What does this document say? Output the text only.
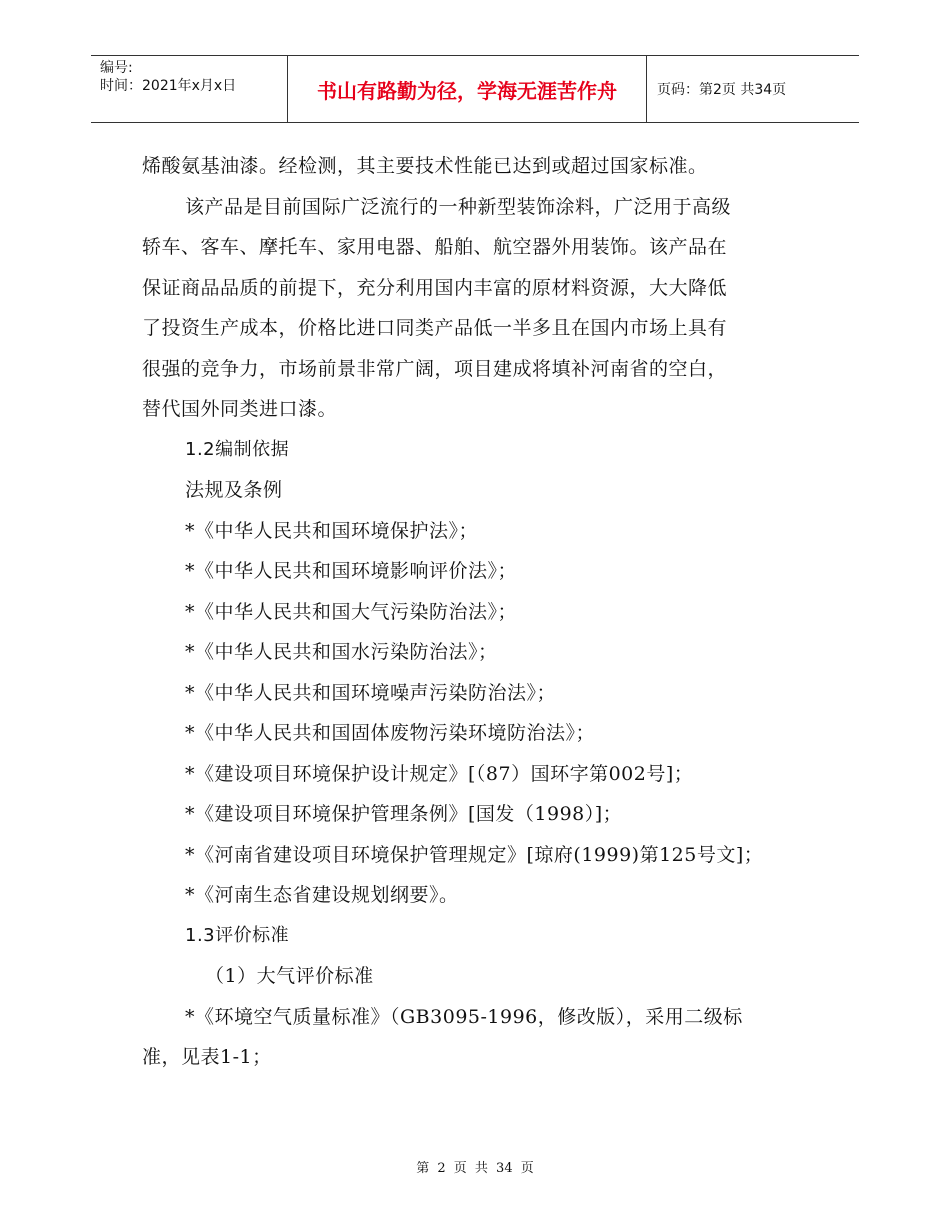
编号:
时间：2021年x月x日	书山有路勤为径，学海无涯苦作舟	页码：第2页 共34页
烯酸氨基油漆。经检测，其主要技术性能已达到或超过国家标准。
该产品是目前国际广泛流行的一种新型装饰涂料，广泛用于高级
轿车、客车、摩托车、家用电器、船舶、航空器外用装饰。该产品在
保证商品品质的前提下，充分利用国内丰富的原材料资源，大大降低
了投资生产成本，价格比进口同类产品低一半多且在国内市场上具有
很强的竞争力，市场前景非常广阔，项目建成将填补河南省的空白，
替代国外同类进口漆。
1.2编制依据
法规及条例
*《中华人民共和国环境保护法》；
*《中华人民共和国环境影响评价法》；
*《中华人民共和国大气污染防治法》；
*《中华人民共和国水污染防治法》；
*《中华人民共和国环境噪声污染防治法》；
*《中华人民共和国固体废物污染环境防治法》；
*《建设项目环境保护设计规定》[（87）国环字第002号]；
*《建设项目环境保护管理条例》[国发（1998）]；
*《河南省建设项目环境保护管理规定》[琼府(1999)第125号文]；
*《河南生态省建设规划纲要》。
1.3评价标准
（1）大气评价标准
*《环境空气质量标准》（GB3095-1996，修改版），采用二级标
准，见表1-1；
第 2 页 共 34 页
